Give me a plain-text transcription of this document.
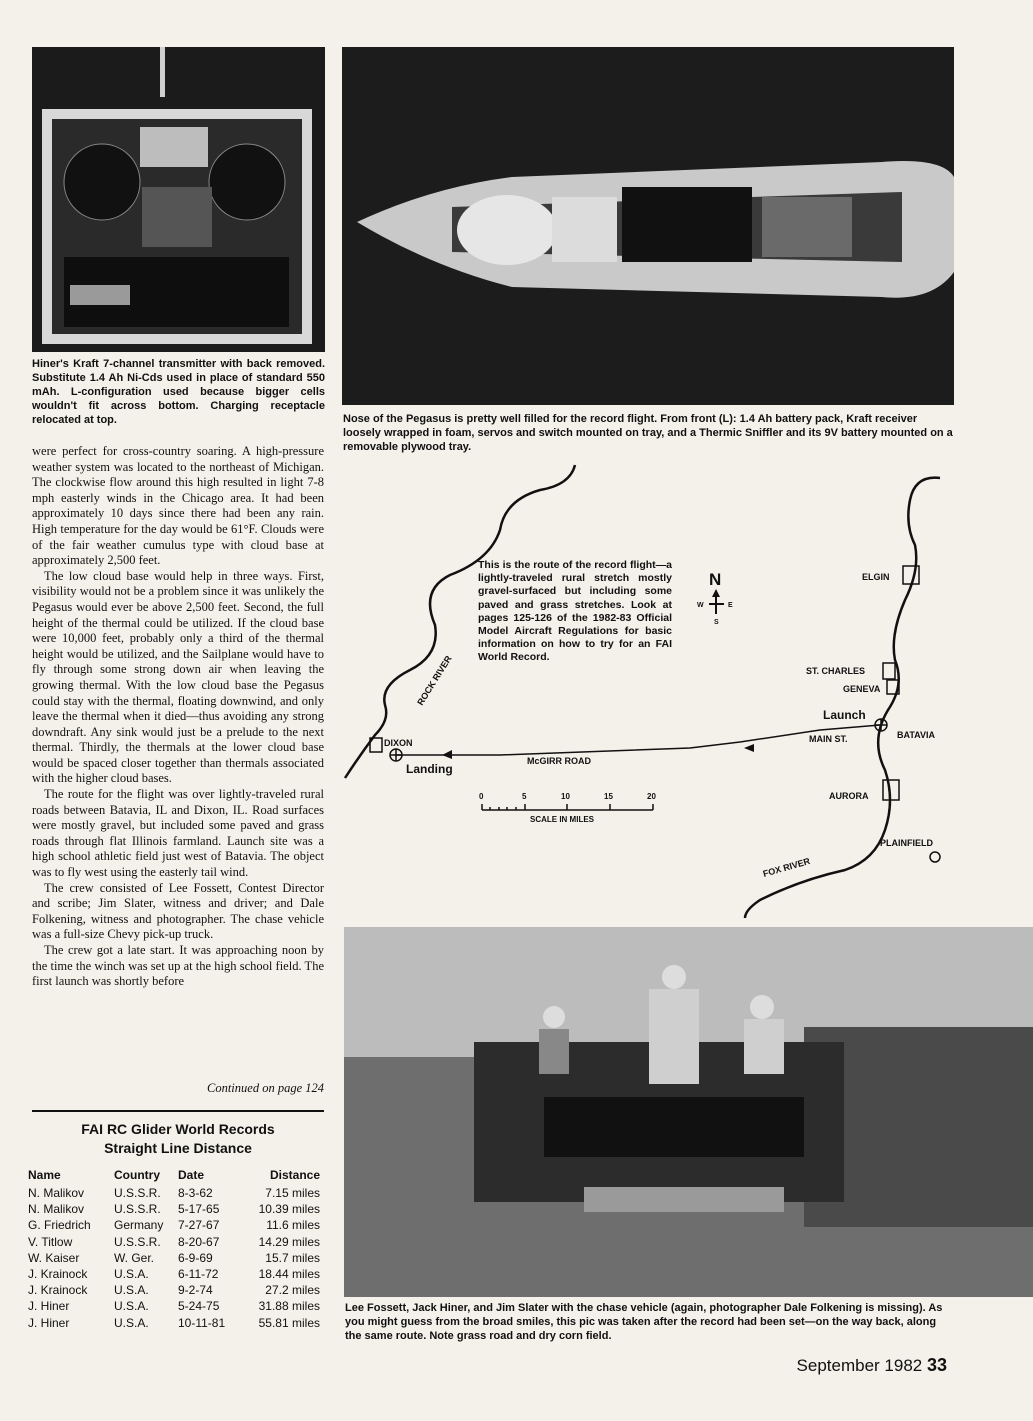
Hiner's Kraft 7-channel transmitter with back removed. Substitute 1.4 Ah Ni-Cds used in place of standard 550 mAh. L-configuration used because bigger cells wouldn't fit across bottom. Charging receptacle relocated at top.	Nose of the Pegasus is pretty well filled for the record flight. From front (L): 1.4 Ah battery pack, Kraft receiver loosely wrapped in foam, servos and switch mounted on tray, and a Thermic Sniffler and its 9V battery mounted on a removable plywood tray.

were perfect for cross-country soaring. A high-pressure weather system was located to the northeast of Michigan. The clockwise flow around this high resulted in light 7-8 mph easterly winds in the Chicago area. It had been approximately 10 days since there had been any rain. High temperature for the day would be 61°F. Clouds were of the fair weather cumulus type with cloud base at approximately 2,500 feet.

The low cloud base would help in three ways. First, visibility would not be a problem since it was unlikely the Pegasus would ever be above 2,500 feet. Second, the full height of the thermal could be utilized. If the cloud base were 10,000 feet, probably only a third of the thermal height would be utilized, and the Sailplane would have to fly through some strong down air when leaving the growing thermal. With the low cloud base the Pegasus could stay with the thermal, floating downwind, and only leave the thermal when it died—thus avoiding any strong downdraft. Any sink would just be a prelude to the next thermal. Thirdly, the thermals at the lower cloud base would be spaced closer together than thermals associated with the higher cloud bases.

The route for the flight was over lightly-traveled rural roads between Batavia, IL and Dixon, IL. Road surfaces were mostly gravel, but included some paved and grass roads through flat Illinois farmland. Launch site was a high school athletic field just west of Batavia. The object was to fly west using the easterly tail wind.

The crew consisted of Lee Fossett, Contest Director and scribe; Jim Slater, witness and driver; and Dale Folkening, witness and photographer. The chase vehicle was a full-size Chevy pick-up truck.

The crew got a late start. It was approaching noon by the time the winch was set up at the high school field. The first launch was shortly before

Continued on page 124
FAI RC Glider World Records
Straight Line Distance
Name	Country	Date	Distance
N. Malikov	U.S.S.R.	8-3-62	7.15 miles
N. Malikov	U.S.S.R.	5-17-65	10.39 miles
G. Friedrich	Germany	7-27-67	11.6 miles
V. Titlow	U.S.S.R.	8-20-67	14.29 miles
W. Kaiser	W. Ger.	6-9-69	15.7 miles
J. Krainock	U.S.A.	6-11-72	18.44 miles
J. Krainock	U.S.A.	9-2-74	27.2 miles
J. Hiner	U.S.A.	5-24-75	31.88 miles
J. Hiner	U.S.A.	10-11-81	55.81 miles
ELGIN
ST. CHARLES
GENEVA
Launch
BATAVIA
MAIN ST.
AURORA
PLAINFIELD
FOX RIVER
ROCK RIVER
DIXON
Landing
McGIRR ROAD
N
W	E
S
0	5	10	15	20
SCALE IN MILES
This is the route of the record flight—a lightly-traveled rural stretch mostly gravel-surfaced but including some paved and grass stretches. Look at pages 125-126 of the 1982-83 Official Model Aircraft Regulations for basic information on how to try for an FAI World Record.
Lee Fossett, Jack Hiner, and Jim Slater with the chase vehicle (again, photographer Dale Folkening is missing). As you might guess from the broad smiles, this pic was taken after the record had been set—on the way back, along the same route. Note grass road and dry corn field.
September 1982 33
